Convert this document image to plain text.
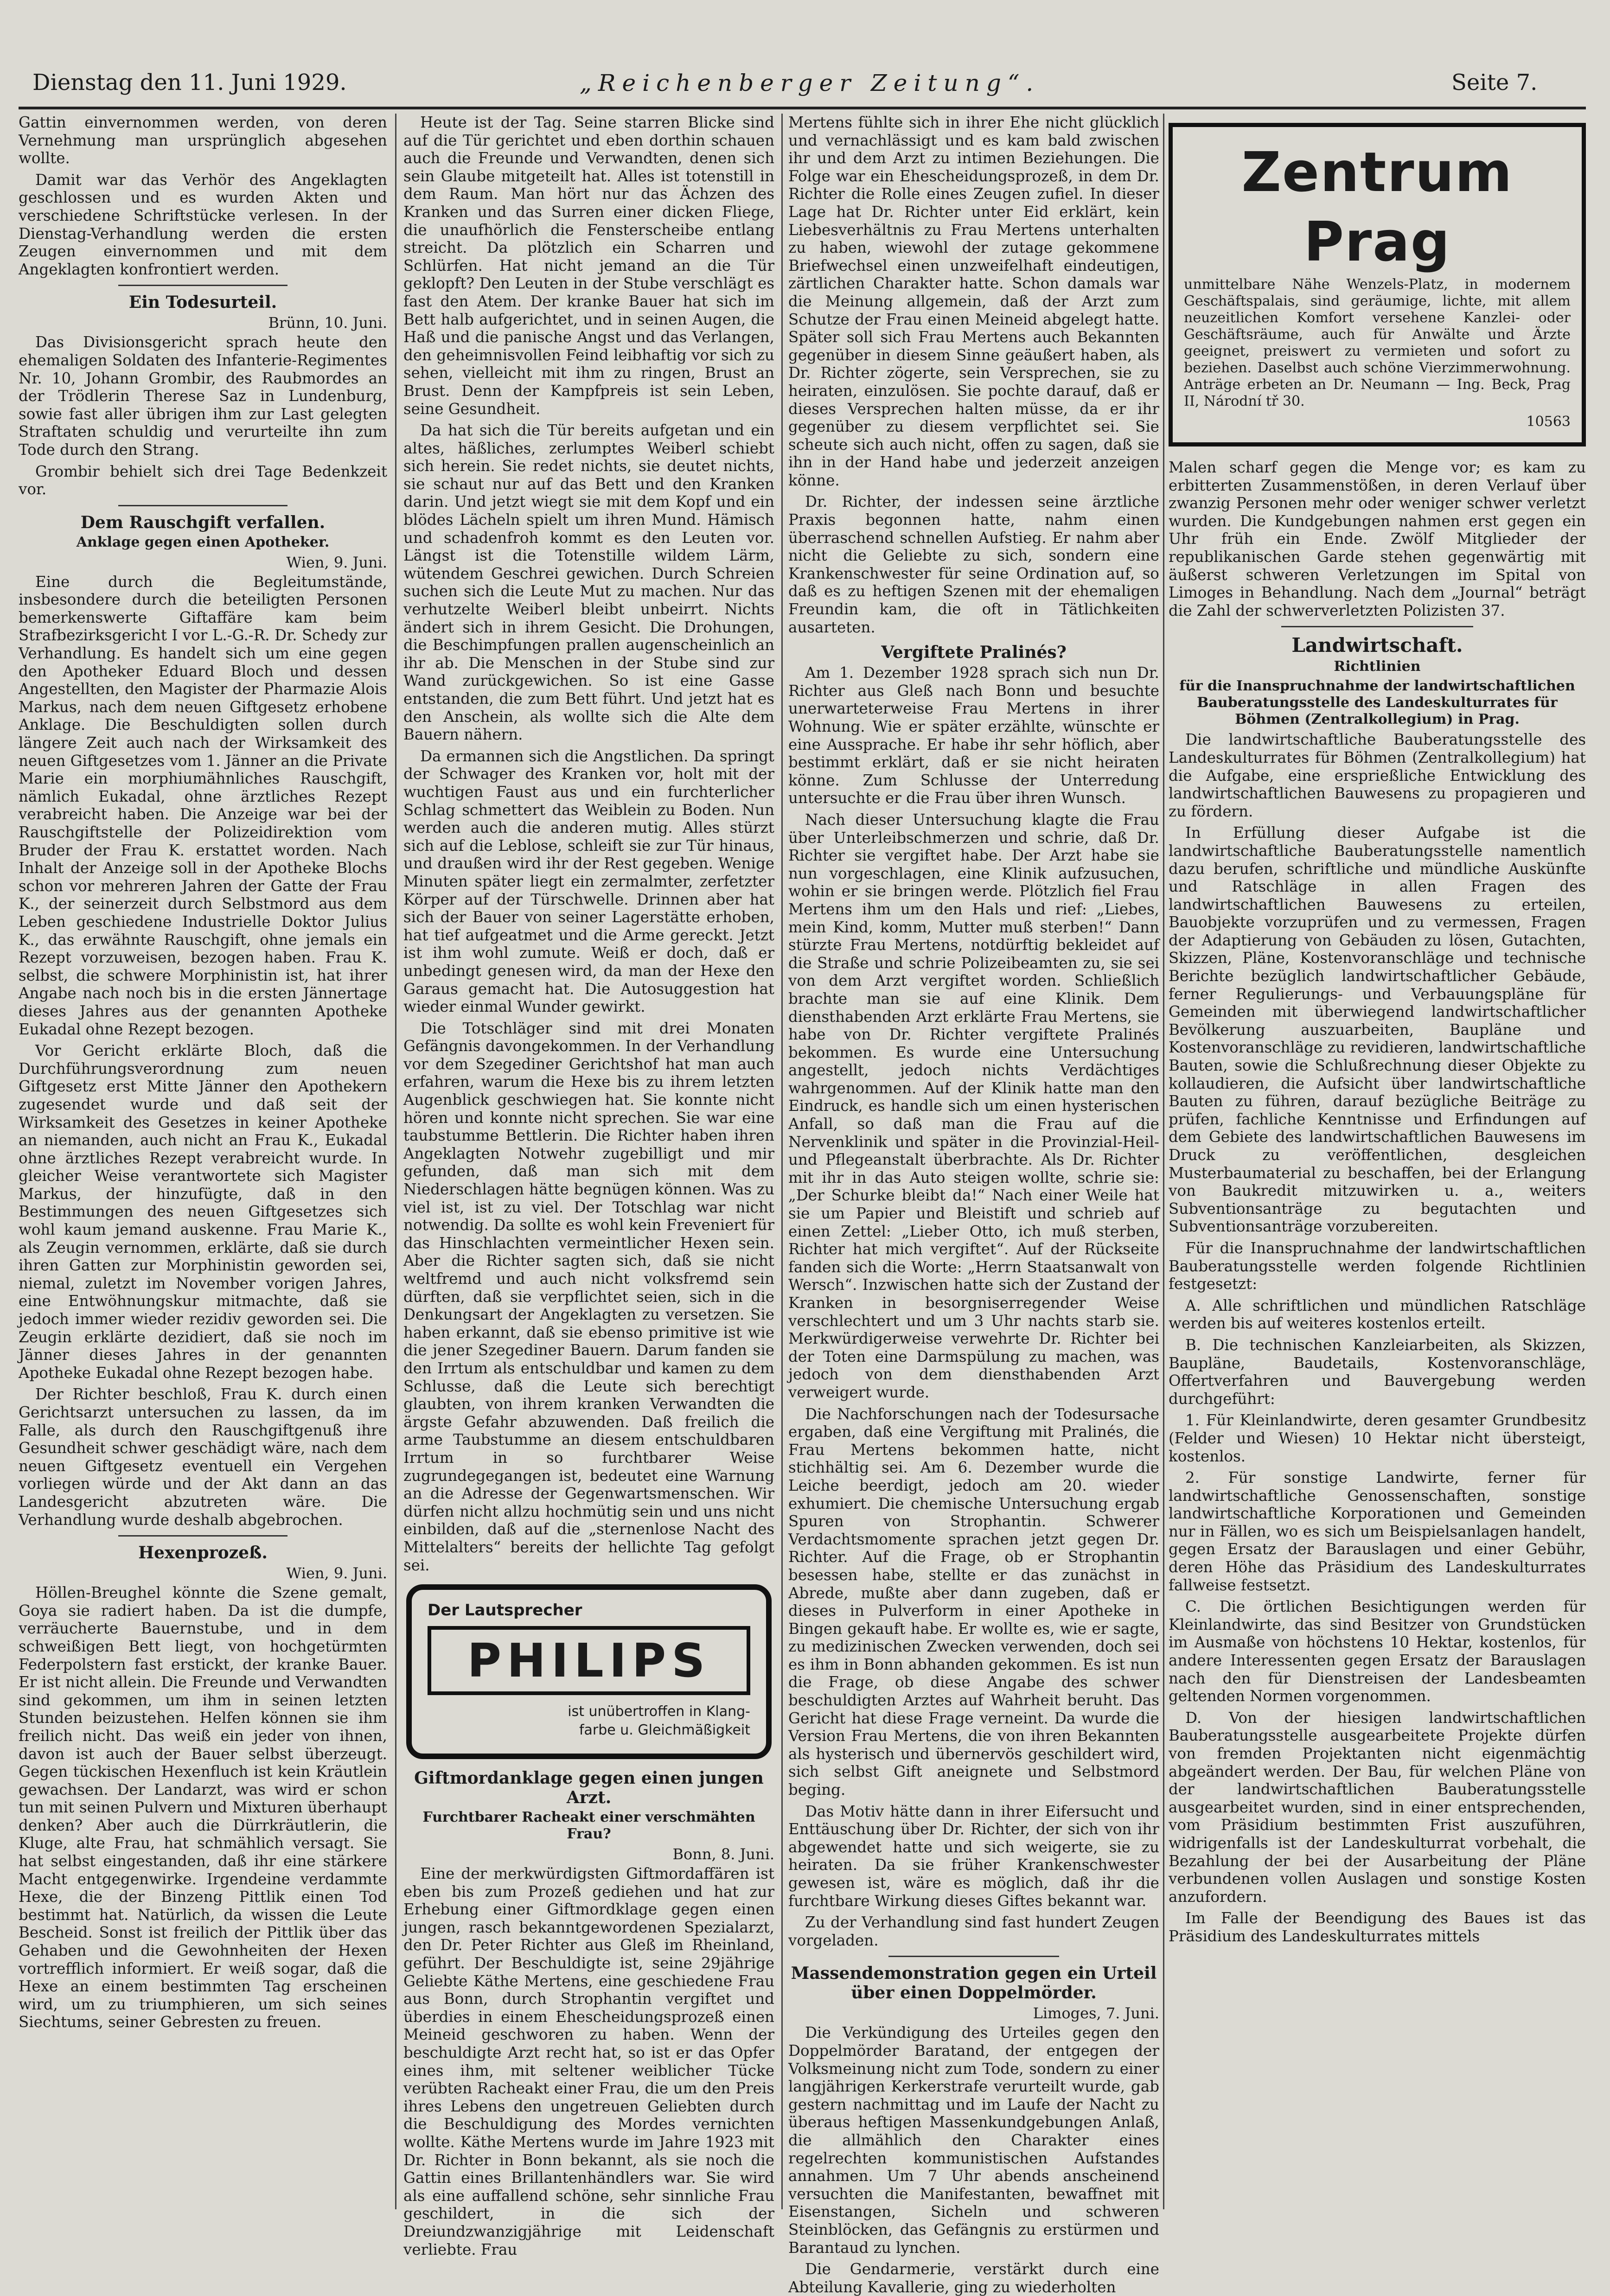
Dienstag den 11. Juni 1929.	„Reichenberger Zeitung“.	Seite 7.

Gattin einvernommen werden, von deren Vernehmung man ursprünglich abgesehen wollte.

Damit war das Verhör des Angeklagten geschlossen und es wurden Akten und verschiedene Schriftstücke verlesen. In der Dienstag-Verhandlung werden die ersten Zeugen einvernommen und mit dem Angeklagten konfrontiert werden.

Ein Todesurteil.
Brünn, 10. Juni.

Das Divisionsgericht sprach heute den ehemaligen Soldaten des Infanterie-Regimentes Nr. 10, Johann Grombir, des Raubmordes an der Trödlerin Therese Saz in Lundenburg, sowie fast aller übrigen ihm zur Last gelegten Straftaten schuldig und verurteilte ihn zum Tode durch den Strang.

Grombir behielt sich drei Tage Bedenkzeit vor.

Dem Rauschgift verfallen.
Anklage gegen einen Apotheker.
Wien, 9. Juni.

Eine durch die Begleitumstände, insbesondere durch die beteiligten Personen bemerkenswerte Giftaffäre kam beim Strafbezirksgericht I vor L.-G.-R. Dr. Schedy zur Verhandlung. Es handelt sich um eine gegen den Apotheker Eduard Bloch und dessen Angestellten, den Magister der Pharmazie Alois Markus, nach dem neuen Giftgesetz erhobene Anklage. Die Beschuldigten sollen durch längere Zeit auch nach der Wirksamkeit des neuen Giftgesetzes vom 1. Jänner an die Private Marie ein morphiumähnliches Rauschgift, nämlich Eukadal, ohne ärztliches Rezept verabreicht haben. Die Anzeige war bei der Rauschgiftstelle der Polizeidirektion vom Bruder der Frau K. erstattet worden. Nach Inhalt der Anzeige soll in der Apotheke Blochs schon vor mehreren Jahren der Gatte der Frau K., der seinerzeit durch Selbstmord aus dem Leben geschiedene Industrielle Doktor Julius K., das erwähnte Rauschgift, ohne jemals ein Rezept vorzuweisen, bezogen haben. Frau K. selbst, die schwere Morphinistin ist, hat ihrer Angabe nach noch bis in die ersten Jännertage dieses Jahres aus der genannten Apotheke Eukadal ohne Rezept bezogen.

Vor Gericht erklärte Bloch, daß die Durchführungsverordnung zum neuen Giftgesetz erst Mitte Jänner den Apothekern zugesendet wurde und daß seit der Wirksamkeit des Gesetzes in keiner Apotheke an niemanden, auch nicht an Frau K., Eukadal ohne ärztliches Rezept verabreicht wurde. In gleicher Weise verantwortete sich Magister Markus, der hinzufügte, daß in den Bestimmungen des neuen Giftgesetzes sich wohl kaum jemand auskenne. Frau Marie K., als Zeugin vernommen, erklärte, daß sie durch ihren Gatten zur Morphinistin geworden sei, niemal, zuletzt im November vorigen Jahres, eine Entwöhnungskur mitmachte, daß sie jedoch immer wieder rezidiv geworden sei. Die Zeugin erklärte dezidiert, daß sie noch im Jänner dieses Jahres in der genannten Apotheke Eukadal ohne Rezept bezogen habe.

Der Richter beschloß, Frau K. durch einen Gerichtsarzt untersuchen zu lassen, da im Falle, als durch den Rauschgiftgenuß ihre Gesundheit schwer geschädigt wäre, nach dem neuen Giftgesetz eventuell ein Vergehen vorliegen würde und der Akt dann an das Landesgericht abzutreten wäre. Die Verhandlung wurde deshalb abgebrochen.

Hexenprozeß.
Wien, 9. Juni.

Höllen-Breughel könnte die Szene gemalt, Goya sie radiert haben. Da ist die dumpfe, verräucherte Bauernstube, und in dem schweißigen Bett liegt, von hochgetürmten Federpolstern fast erstickt, der kranke Bauer. Er ist nicht allein. Die Freunde und Verwandten sind gekommen, um ihm in seinen letzten Stunden beizustehen. Helfen können sie ihm freilich nicht. Das weiß ein jeder von ihnen, davon ist auch der Bauer selbst überzeugt. Gegen tückischen Hexenfluch ist kein Kräutlein gewachsen. Der Landarzt, was wird er schon tun mit seinen Pulvern und Mixturen überhaupt denken? Aber auch die Dürrkräutlerin, die Kluge, alte Frau, hat schmählich versagt. Sie hat selbst eingestanden, daß ihr eine stärkere Macht entgegenwirke. Irgendeine verdammte Hexe, die der Binzeng Pittlik einen Tod bestimmt hat. Natürlich, da wissen die Leute Bescheid. Sonst ist freilich der Pittlik über das Gehaben und die Gewohnheiten der Hexen vortrefflich informiert. Er weiß sogar, daß die Hexe an einem bestimmten Tag erscheinen wird, um zu triumphieren, um sich seines Siechtums, seiner Gebresten zu freuen.

Heute ist der Tag. Seine starren Blicke sind auf die Tür gerichtet und eben dorthin schauen auch die Freunde und Verwandten, denen sich sein Glaube mitgeteilt hat. Alles ist totenstill in dem Raum. Man hört nur das Ächzen des Kranken und das Surren einer dicken Fliege, die unaufhörlich die Fensterscheibe entlang streicht. Da plötzlich ein Scharren und Schlürfen. Hat nicht jemand an die Tür geklopft? Den Leuten in der Stube verschlägt es fast den Atem. Der kranke Bauer hat sich im Bett halb aufgerichtet, und in seinen Augen, die Haß und die panische Angst und das Verlangen, den geheimnisvollen Feind leibhaftig vor sich zu sehen, vielleicht mit ihm zu ringen, Brust an Brust. Denn der Kampfpreis ist sein Leben, seine Gesundheit.

Da hat sich die Tür bereits aufgetan und ein altes, häßliches, zerlumptes Weiberl schiebt sich herein. Sie redet nichts, sie deutet nichts, sie schaut nur auf das Bett und den Kranken darin. Und jetzt wiegt sie mit dem Kopf und ein blödes Lächeln spielt um ihren Mund. Hämisch und schadenfroh kommt es den Leuten vor. Längst ist die Totenstille wildem Lärm, wütendem Geschrei gewichen. Durch Schreien suchen sich die Leute Mut zu machen. Nur das verhutzelte Weiberl bleibt unbeirrt. Nichts ändert sich in ihrem Gesicht. Die Drohungen, die Beschimpfungen prallen augenscheinlich an ihr ab. Die Menschen in der Stube sind zur Wand zurückgewichen. So ist eine Gasse entstanden, die zum Bett führt. Und jetzt hat es den Anschein, als wollte sich die Alte dem Bauern nähern.

Da ermannen sich die Angstlichen. Da springt der Schwager des Kranken vor, holt mit der wuchtigen Faust aus und ein furchterlicher Schlag schmettert das Weiblein zu Boden. Nun werden auch die anderen mutig. Alles stürzt sich auf die Leblose, schleift sie zur Tür hinaus, und draußen wird ihr der Rest gegeben. Wenige Minuten später liegt ein zermalmter, zerfetzter Körper auf der Türschwelle. Drinnen aber hat sich der Bauer von seiner Lagerstätte erhoben, hat tief aufgeatmet und die Arme gereckt. Jetzt ist ihm wohl zumute. Weiß er doch, daß er unbedingt genesen wird, da man der Hexe den Garaus gemacht hat. Die Autosuggestion hat wieder einmal Wunder gewirkt.

Die Totschläger sind mit drei Monaten Gefängnis davongekommen. In der Verhandlung vor dem Szegediner Gerichtshof hat man auch erfahren, warum die Hexe bis zu ihrem letzten Augenblick geschwiegen hat. Sie konnte nicht hören und konnte nicht sprechen. Sie war eine taubstumme Bettlerin. Die Richter haben ihren Angeklagten Notwehr zugebilligt und mir gefunden, daß man sich mit dem Niederschlagen hätte begnügen können. Was zu viel ist, ist zu viel. Der Totschlag war nicht notwendig. Da sollte es wohl kein Freveniert für das Hinschlachten vermeintlicher Hexen sein. Aber die Richter sagten sich, daß sie nicht weltfremd und auch nicht volksfremd sein dürften, daß sie verpflichtet seien, sich in die Denkungsart der Angeklagten zu versetzen. Sie haben erkannt, daß sie ebenso primitive ist wie die jener Szegediner Bauern. Darum fanden sie den Irrtum als entschuldbar und kamen zu dem Schlusse, daß die Leute sich berechtigt glaubten, von ihrem kranken Verwandten die ärgste Gefahr abzuwenden. Daß freilich die arme Taubstumme an diesem entschuldbaren Irrtum in so furchtbarer Weise zugrundegegangen ist, bedeutet eine Warnung an die Adresse der Gegenwartsmenschen. Wir dürfen nicht allzu hochmütig sein und uns nicht einbilden, daß auf die „sternenlose Nacht des Mittelalters“ bereits der hellichte Tag gefolgt sei.

Der Lautsprecher
PHILIPS
ist unübertroffen in Klang-
farbe u. Gleichmäßigkeit
Giftmordanklage gegen einen jungen Arzt.
Furchtbarer Racheakt einer verschmähten Frau?
Bonn, 8. Juni.

Eine der merkwürdigsten Giftmordaffären ist eben bis zum Prozeß gediehen und hat zur Erhebung einer Giftmordklage gegen einen jungen, rasch bekanntgewordenen Spezialarzt, den Dr. Peter Richter aus Gleß im Rheinland, geführt. Der Beschuldigte ist, seine 29jährige Geliebte Käthe Mertens, eine geschiedene Frau aus Bonn, durch Strophantin vergiftet und überdies in einem Ehescheidungsprozeß einen Meineid geschworen zu haben. Wenn der beschuldigte Arzt recht hat, so ist er das Opfer eines ihm, mit seltener weiblicher Tücke verübten Racheakt einer Frau, die um den Preis ihres Lebens den ungetreuen Geliebten durch die Beschuldigung des Mordes vernichten wollte. Käthe Mertens wurde im Jahre 1923 mit Dr. Richter in Bonn bekannt, als sie noch die Gattin eines Brillantenhändlers war. Sie wird als eine auffallend schöne, sehr sinnliche Frau geschildert, in die sich der Dreiundzwanzigjährige mit Leidenschaft verliebte. Frau

Mertens fühlte sich in ihrer Ehe nicht glücklich und vernachlässigt und es kam bald zwischen ihr und dem Arzt zu intimen Beziehungen. Die Folge war ein Ehescheidungsprozeß, in dem Dr. Richter die Rolle eines Zeugen zufiel. In dieser Lage hat Dr. Richter unter Eid erklärt, kein Liebesverhältnis zu Frau Mertens unterhalten zu haben, wiewohl der zutage gekommene Briefwechsel einen unzweifelhaft eindeutigen, zärtlichen Charakter hatte. Schon damals war die Meinung allgemein, daß der Arzt zum Schutze der Frau einen Meineid abgelegt hatte. Später soll sich Frau Mertens auch Bekannten gegenüber in diesem Sinne geäußert haben, als Dr. Richter zögerte, sein Versprechen, sie zu heiraten, einzulösen. Sie pochte darauf, daß er dieses Versprechen halten müsse, da er ihr gegenüber zu diesem verpflichtet sei. Sie scheute sich auch nicht, offen zu sagen, daß sie ihn in der Hand habe und jederzeit anzeigen könne.

Dr. Richter, der indessen seine ärztliche Praxis begonnen hatte, nahm einen überraschend schnellen Aufstieg. Er nahm aber nicht die Geliebte zu sich, sondern eine Krankenschwester für seine Ordination auf, so daß es zu heftigen Szenen mit der ehemaligen Freundin kam, die oft in Tätlichkeiten ausarteten.

Vergiftete Pralinés?

Am 1. Dezember 1928 sprach sich nun Dr. Richter aus Gleß nach Bonn und besuchte unerwarteterweise Frau Mertens in ihrer Wohnung. Wie er später erzählte, wünschte er eine Aussprache. Er habe ihr sehr höflich, aber bestimmt erklärt, daß er sie nicht heiraten könne. Zum Schlusse der Unterredung untersuchte er die Frau über ihren Wunsch.

Nach dieser Untersuchung klagte die Frau über Unterleibschmerzen und schrie, daß Dr. Richter sie vergiftet habe. Der Arzt habe sie nun vorgeschlagen, eine Klinik aufzusuchen, wohin er sie bringen werde. Plötzlich fiel Frau Mertens ihm um den Hals und rief: „Liebes, mein Kind, komm, Mutter muß sterben!“ Dann stürzte Frau Mertens, notdürftig bekleidet auf die Straße und schrie Polizeibeamten zu, sie sei von dem Arzt vergiftet worden. Schließlich brachte man sie auf eine Klinik. Dem diensthabenden Arzt erklärte Frau Mertens, sie habe von Dr. Richter vergiftete Pralinés bekommen. Es wurde eine Untersuchung angestellt, jedoch nichts Verdächtiges wahrgenommen. Auf der Klinik hatte man den Eindruck, es handle sich um einen hysterischen Anfall, so daß man die Frau auf die Nervenklinik und später in die Provinzial-Heil- und Pflegeanstalt überbrachte. Als Dr. Richter mit ihr in das Auto steigen wollte, schrie sie: „Der Schurke bleibt da!“ Nach einer Weile hat sie um Papier und Bleistift und schrieb auf einen Zettel: „Lieber Otto, ich muß sterben, Richter hat mich vergiftet“. Auf der Rückseite fanden sich die Worte: „Herrn Staatsanwalt von Wersch“. Inzwischen hatte sich der Zustand der Kranken in besorgniserregender Weise verschlechtert und um 3 Uhr nachts starb sie. Merkwürdigerweise verwehrte Dr. Richter bei der Toten eine Darmspülung zu machen, was jedoch von dem diensthabenden Arzt verweigert wurde.

Die Nachforschungen nach der Todesursache ergaben, daß eine Vergiftung mit Pralinés, die Frau Mertens bekommen hatte, nicht stichhältig sei. Am 6. Dezember wurde die Leiche beerdigt, jedoch am 20. wieder exhumiert. Die chemische Untersuchung ergab Spuren von Strophantin. Schwerer Verdachtsmomente sprachen jetzt gegen Dr. Richter. Auf die Frage, ob er Strophantin besessen habe, stellte er das zunächst in Abrede, mußte aber dann zugeben, daß er dieses in Pulverform in einer Apotheke in Bingen gekauft habe. Er wollte es, wie er sagte, zu medizinischen Zwecken verwenden, doch sei es ihm in Bonn abhanden gekommen. Es ist nun die Frage, ob diese Angabe des schwer beschuldigten Arztes auf Wahrheit beruht. Das Gericht hat diese Frage verneint. Da wurde die Version Frau Mertens, die von ihren Bekannten als hysterisch und übernervös geschildert wird, sich selbst Gift aneignete und Selbstmord beging.

Das Motiv hätte dann in ihrer Eifersucht und Enttäuschung über Dr. Richter, der sich von ihr abgewendet hatte und sich weigerte, sie zu heiraten. Da sie früher Krankenschwester gewesen ist, wäre es möglich, daß ihr die furchtbare Wirkung dieses Giftes bekannt war.

Zu der Verhandlung sind fast hundert Zeugen vorgeladen.

Massendemonstration gegen ein Urteil über einen Doppelmörder.
Limoges, 7. Juni.

Die Verkündigung des Urteiles gegen den Doppelmörder Baratand, der entgegen der Volksmeinung nicht zum Tode, sondern zu einer langjährigen Kerkerstrafe verurteilt wurde, gab gestern nachmittag und im Laufe der Nacht zu überaus heftigen Massenkundgebungen Anlaß, die allmählich den Charakter eines regelrechten kommunistischen Aufstandes annahmen. Um 7 Uhr abends anscheinend versuchten die Manifestanten, bewaffnet mit Eisenstangen, Sicheln und schweren Steinblöcken, das Gefängnis zu erstürmen und Barantaud zu lynchen.

Die Gendarmerie, verstärkt durch eine Abteilung Kavallerie, ging zu wiederholten

Zentrum Prag

unmittelbare Nähe Wenzels-Platz, in modernem Geschäftspalais, sind geräumige, lichte, mit allem neuzeitlichen Komfort versehene Kanzlei- oder Geschäftsräume, auch für Anwälte und Ärzte geeignet, preiswert zu vermieten und sofort zu beziehen. Daselbst auch schöne Vierzimmerwohnung. Anträge erbeten an Dr. Neumann — Ing. Beck, Prag II, Národní tř 30.

10563

Malen scharf gegen die Menge vor; es kam zu erbitterten Zusammenstößen, in deren Verlauf über zwanzig Personen mehr oder weniger schwer verletzt wurden. Die Kundgebungen nahmen erst gegen ein Uhr früh ein Ende. Zwölf Mitglieder der republikanischen Garde stehen gegenwärtig mit äußerst schweren Verletzungen im Spital von Limoges in Behandlung. Nach dem „Journal“ beträgt die Zahl der schwerverletzten Polizisten 37.

Landwirtschaft.
Richtlinien
für die Inanspruchnahme der landwirtschaftlichen Bauberatungsstelle des Landeskulturrates für Böhmen (Zentralkollegium) in Prag.

Die landwirtschaftliche Bauberatungsstelle des Landeskulturrates für Böhmen (Zentralkollegium) hat die Aufgabe, eine ersprießliche Entwicklung des landwirtschaftlichen Bauwesens zu propagieren und zu fördern.

In Erfüllung dieser Aufgabe ist die landwirtschaftliche Bauberatungsstelle namentlich dazu berufen, schriftliche und mündliche Auskünfte und Ratschläge in allen Fragen des landwirtschaftlichen Bauwesens zu erteilen, Bauobjekte vorzuprüfen und zu vermessen, Fragen der Adaptierung von Gebäuden zu lösen, Gutachten, Skizzen, Pläne, Kostenvoranschläge und technische Berichte bezüglich landwirtschaftlicher Gebäude, ferner Regulierungs- und Verbauungspläne für Gemeinden mit überwiegend landwirtschaftlicher Bevölkerung auszuarbeiten, Baupläne und Kostenvoranschläge zu revidieren, landwirtschaftliche Bauten, sowie die Schlußrechnung dieser Objekte zu kollaudieren, die Aufsicht über landwirtschaftliche Bauten zu führen, darauf bezügliche Beiträge zu prüfen, fachliche Kenntnisse und Erfindungen auf dem Gebiete des landwirtschaftlichen Bauwesens im Druck zu veröffentlichen, desgleichen Musterbaumaterial zu beschaffen, bei der Erlangung von Baukredit mitzuwirken u. a., weiters Subventionsanträge zu begutachten und Subventionsanträge vorzubereiten.

Für die Inanspruchnahme der landwirtschaftlichen Bauberatungsstelle werden folgende Richtlinien festgesetzt:

A. Alle schriftlichen und mündlichen Ratschläge werden bis auf weiteres kostenlos erteilt.

B. Die technischen Kanzleiarbeiten, als Skizzen, Baupläne, Baudetails, Kostenvoranschläge, Offertverfahren und Bauvergebung werden durchgeführt:

1. Für Kleinlandwirte, deren gesamter Grundbesitz (Felder und Wiesen) 10 Hektar nicht übersteigt, kostenlos.

2. Für sonstige Landwirte, ferner für landwirtschaftliche Genossenschaften, sonstige landwirtschaftliche Korporationen und Gemeinden nur in Fällen, wo es sich um Beispielsanlagen handelt, gegen Ersatz der Barauslagen und einer Gebühr, deren Höhe das Präsidium des Landeskulturrates fallweise festsetzt.

C. Die örtlichen Besichtigungen werden für Kleinlandwirte, das sind Besitzer von Grundstücken im Ausmaße von höchstens 10 Hektar, kostenlos, für andere Interessenten gegen Ersatz der Barauslagen nach den für Dienstreisen der Landesbeamten geltenden Normen vorgenommen.

D. Von der hiesigen landwirtschaftlichen Bauberatungsstelle ausgearbeitete Projekte dürfen von fremden Projektanten nicht eigenmächtig abgeändert werden. Der Bau, für welchen Pläne von der landwirtschaftlichen Bauberatungsstelle ausgearbeitet wurden, sind in einer entsprechenden, vom Präsidium bestimmten Frist auszuführen, widrigenfalls ist der Landeskulturrat vorbehalt, die Bezahlung der bei der Ausarbeitung der Pläne verbundenen vollen Auslagen und sonstige Kosten anzufordern.

Im Falle der Beendigung des Baues ist das Präsidium des Landeskulturrates mittels
